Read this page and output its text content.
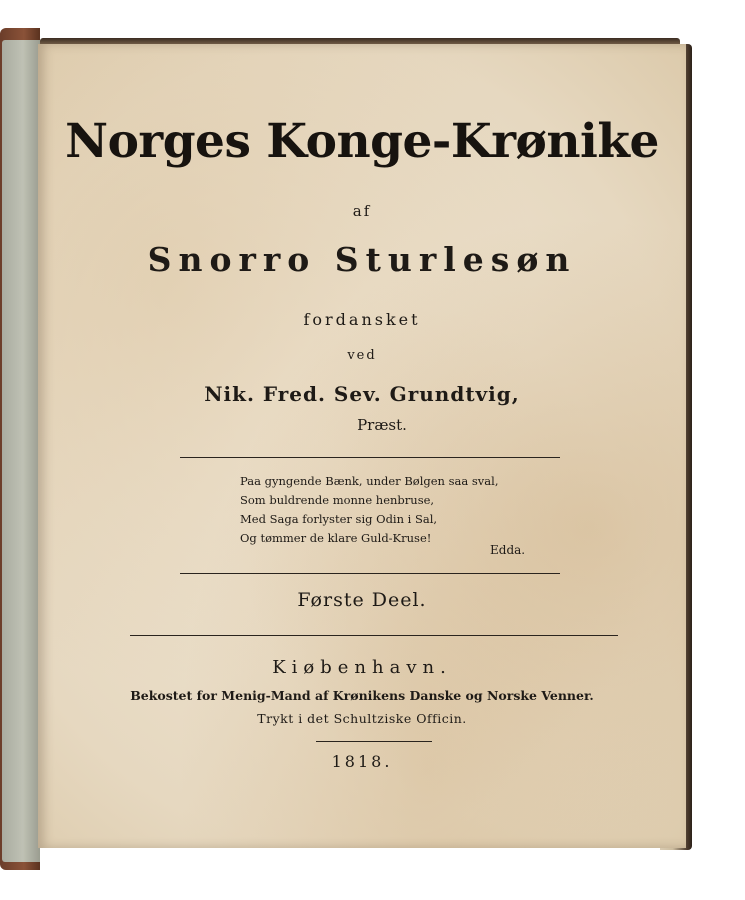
Norges Konge-Krønike
af
Snorro Sturlesøn
fordansket
ved
Nik. Fred. Sev. Grundtvig,
Præst.
Paa gyngende Bænk, under Bølgen saa sval,
Som buldrende monne henbruse,
Med Saga forlyster sig Odin i Sal,
Og tømmer de klare Guld-Kruse!
Edda.
Første Deel.
Kiøbenhavn.
Bekostet for Menig-Mand af Krønikens Danske og Norske Venner.
Trykt i det Schultziske Officin.
1818.
